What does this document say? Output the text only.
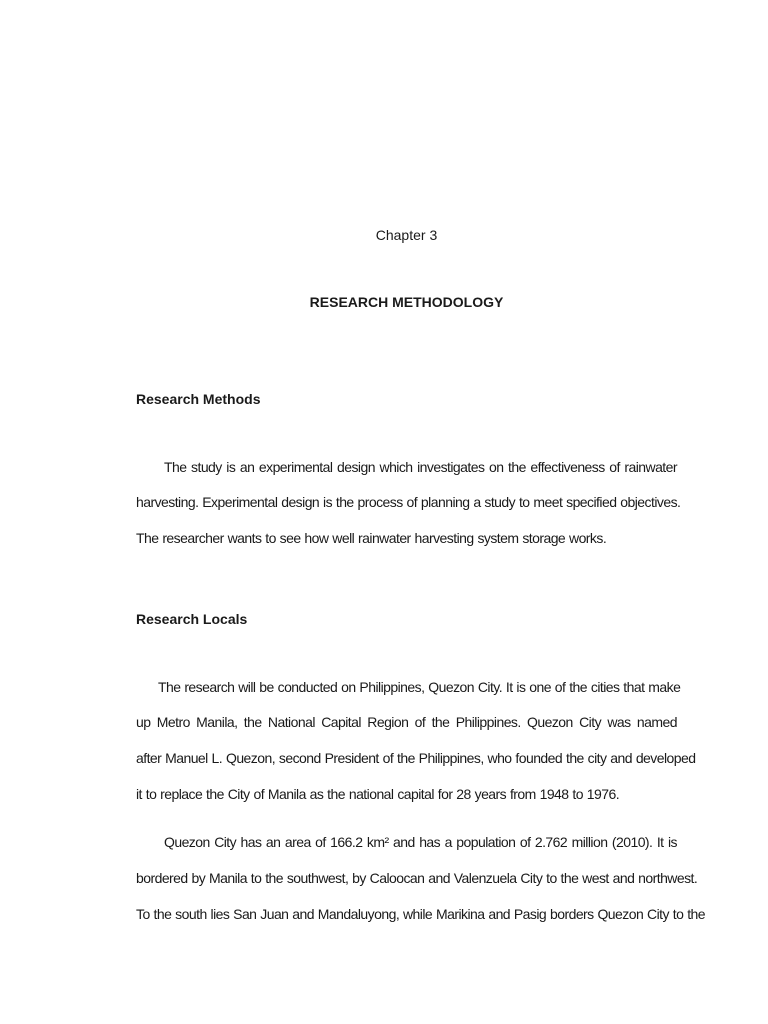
Chapter 3
RESEARCH METHODOLOGY
Research Methods
The study is an experimental design which investigates on the effectiveness of rainwater
harvesting. Experimental design is the process of planning a study to meet specified objectives.
The researcher wants to see how well rainwater harvesting system storage works.
Research Locals
The research will be conducted on Philippines, Quezon City. It is one of the cities that make
up Metro Manila, the National Capital Region of the Philippines. Quezon City was named
after Manuel L. Quezon, second President of the Philippines, who founded the city and developed
it to replace the City of Manila as the national capital for 28 years from 1948 to 1976.
Quezon City has an area of 166.2 km² and has a population of 2.762 million (2010). It is
bordered by Manila to the southwest, by Caloocan and Valenzuela City to the west and northwest.
To the south lies San Juan and Mandaluyong, while Marikina and Pasig borders Quezon City to the
